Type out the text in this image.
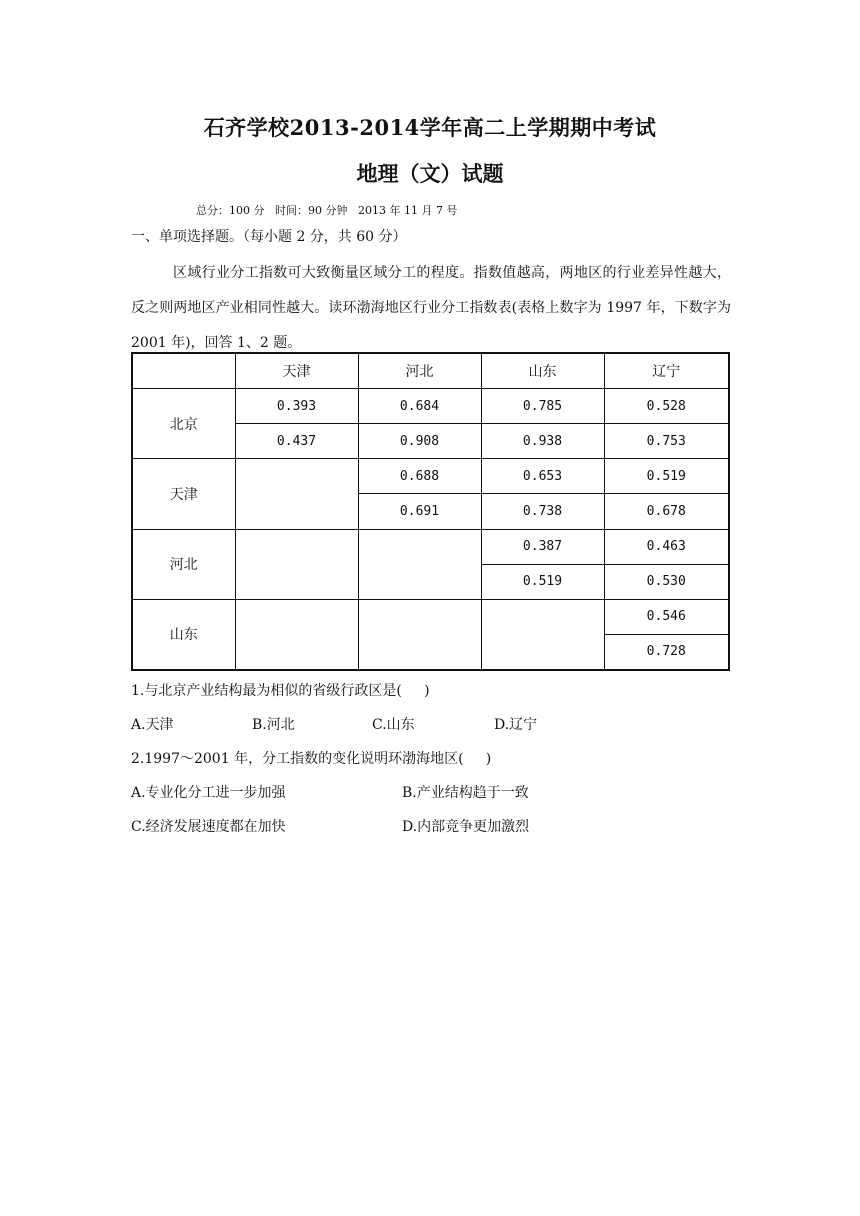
石齐学校2013-2014学年高二上学期期中考试
地理（文）试题
总分：100 分   时间：90 分钟   2013 年 11 月 7 号
一、单项选择题。（每小题 2 分，共 60 分）
区域行业分工指数可大致衡量区域分工的程度。指数值越高，两地区的行业差异性越大，反之则两地区产业相同性越大。读环渤海地区行业分工指数表(表格上数字为 1997 年，下数字为 2001 年)，回答 1、2 题。
	天津	河北	山东	辽宁
北京	0.393	0.684	0.785	0.528
	0.437	0.908	0.938	0.753
天津		0.688	0.653	0.519
		0.691	0.738	0.678
河北			0.387	0.463
			0.519	0.530
山东				0.546
				0.728
1.与北京产业结构最为相似的省级行政区是(     )
A.天津	B.河北	C.山东	D.辽宁
2.1997～2001 年，分工指数的变化说明环渤海地区(     )
A.专业化分工进一步加强	B.产业结构趋于一致
C.经济发展速度都在加快	D.内部竞争更加激烈
